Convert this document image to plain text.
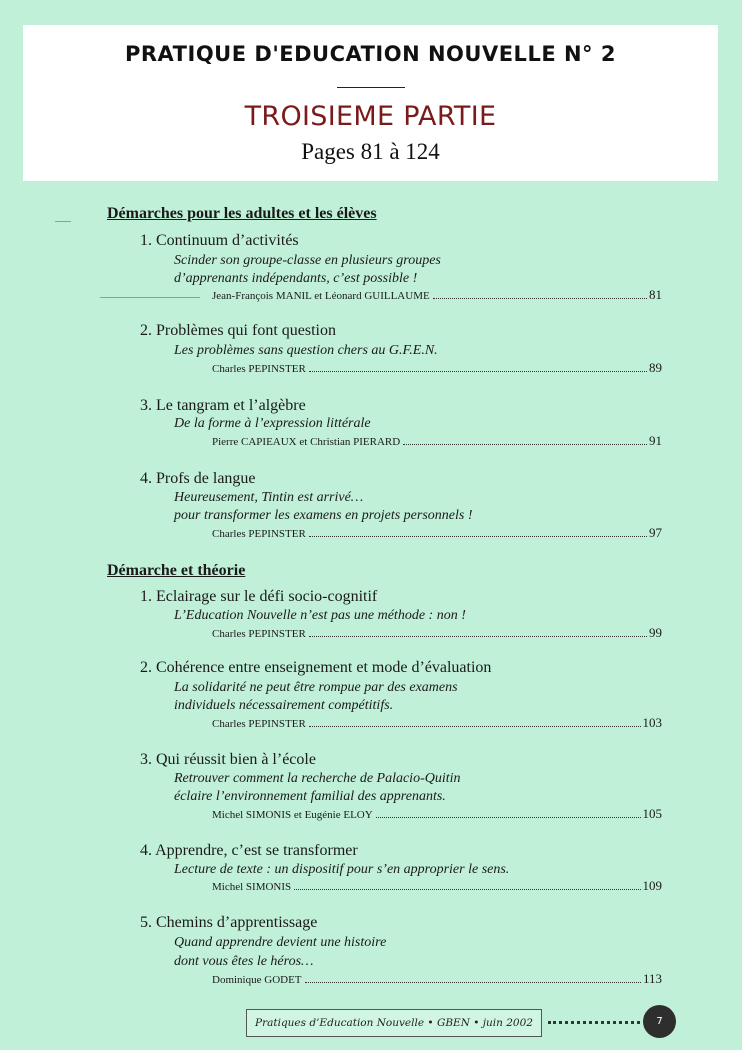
PRATIQUE D'EDUCATION NOUVELLE N° 2
TROISIEME PARTIE
Pages 81 à 124
Démarches pour les adultes et les élèves
1. Continuum d’activités
Scinder son groupe-classe en plusieurs groupes
d’apprenants indépendants, c’est possible !
Jean-François MANIL et Léonard GUILLAUME	81
2. Problèmes qui font question
Les problèmes sans question chers au G.F.E.N.
Charles PEPINSTER	89
3. Le tangram et l’algèbre
De la forme à l’expression littérale
Pierre CAPIEAUX et Christian PIERARD	91
4. Profs de langue
Heureusement, Tintin est arrivé…
pour transformer les examens en projets personnels !
Charles PEPINSTER	97
Démarche et théorie
1. Eclairage sur le défi socio-cognitif
L’Education Nouvelle n’est pas une méthode : non !
Charles PEPINSTER	99
2. Cohérence entre enseignement et mode d’évaluation
La solidarité ne peut être rompue par des examens
individuels nécessairement compétitifs.
Charles PEPINSTER	103
3. Qui réussit bien à l’école
Retrouver comment la recherche de Palacio-Quitin
éclaire l’environnement familial des apprenants.
Michel SIMONIS et Eugénie ELOY	105
4. Apprendre, c’est se transformer
Lecture de texte : un dispositif pour s’en approprier le sens.
Michel SIMONIS	109
5. Chemins d’apprentissage
Quand apprendre devient une histoire
dont vous êtes le héros…
Dominique GODET	113
Pratiques d’Education Nouvelle • GBEN • juin 2002	7
